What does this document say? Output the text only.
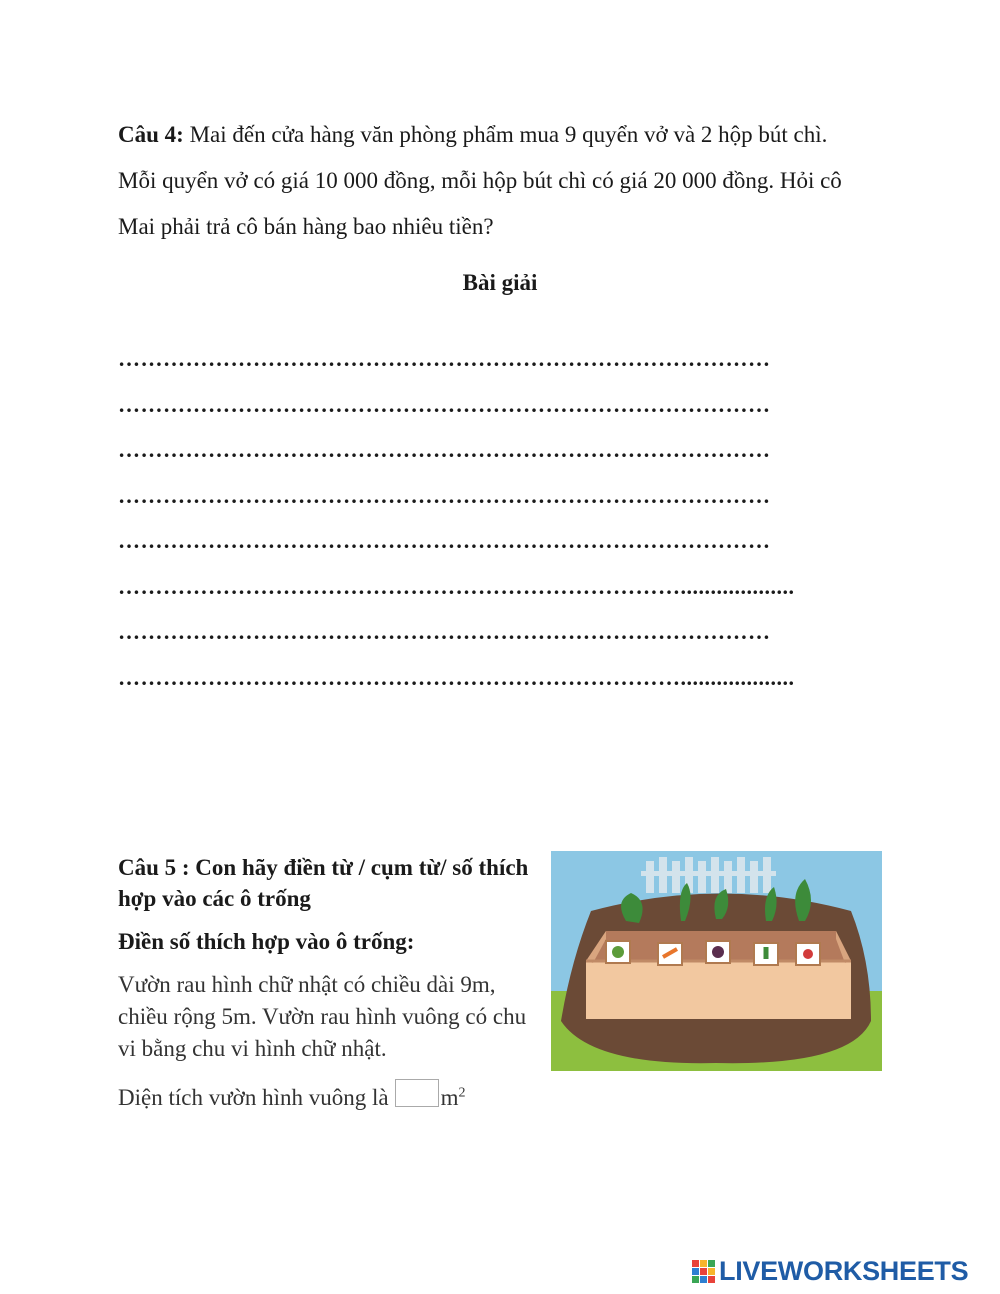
Câu 4: Mai đến cửa hàng văn phòng phẩm mua 9 quyển vở và 2 hộp bút chì. Mỗi quyển vở có giá 10 000 đồng, mỗi hộp bút chì có giá 20 000 đồng. Hỏi cô Mai phải trả cô bán hàng bao nhiêu tiền?
Bài giải
……………………………………………………………………………
……………………………………………………………………………
……………………………………………………………………………
……………………………………………………………………………
……………………………………………………………………………
…………………………………………………………………...................
……………………………………………………………………………
…………………………………………………………………...................
Câu 5 : Con hãy điền từ / cụm từ/ số thích hợp vào các ô trống
Điền số thích hợp vào ô trống:
Vườn rau hình chữ nhật có chiều dài 9m, chiều rộng 5m. Vườn rau hình vuông có chu vi bằng chu vi hình chữ nhật.
Diện tích vườn hình vuông là $m^2$
LIVEWORKSHEETS
